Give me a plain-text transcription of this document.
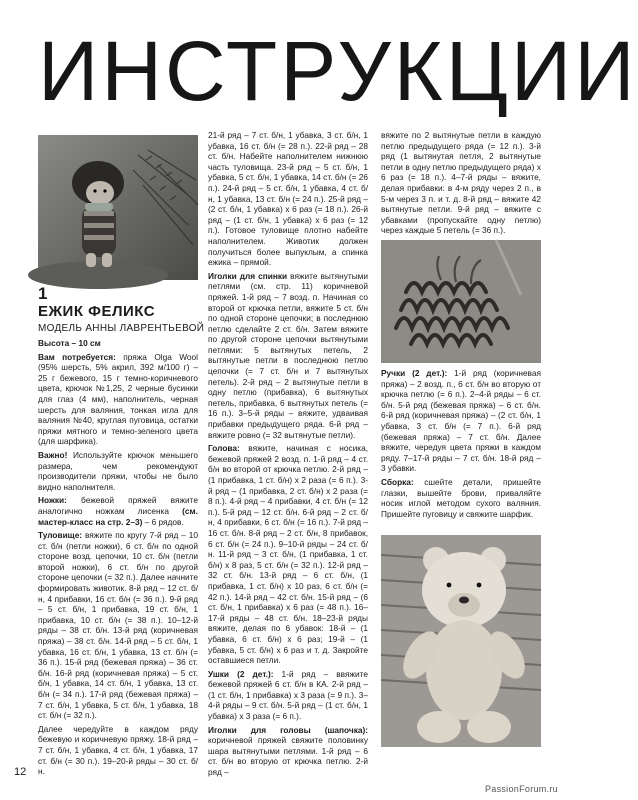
ИНСТРУКЦИИ
1
ЕЖИК ФЕЛИКС
МОДЕЛЬ АННЫ ЛАВРЕНТЬЕВОЙ

Высота – 10 см

Вам потребуется: пряжа Olga Wool (95% шерсть, 5% акрил, 392 м/100 г) – 25 г бежевого, 15 г темно-коричневого цвета, крючок №1,25, 2 черные бусинки для глаз (4 мм), наполнитель, черная шерсть для валяния, тонкая игла для валяния №40, круглая пуговица, остатки пряжи мятного и темно-зеленого цвета (для шарфика).

Важно! Используйте крючок меньшего размера, чем рекомендуют производители пряжи, чтобы не было видно наполнителя.

Ножки: бежевой пряжей вяжите аналогично ножкам лисенка (см. мастер-класс на стр. 2–3) – 6 рядов.

Туловище: вяжите по кругу 7-й ряд – 10 ст. б/н (петли ножки), 6 ст. б/н по одной стороне возд. цепочки, 10 ст. б/н (петли второй ножки), 6 ст. б/н по другой стороне цепочки (= 32 п.). Далее начните формировать животик. 8-й ряд – 12 ст. б/н, 4 прибавки, 16 ст. б/н (= 36 п.). 9-й ряд – 5 ст. б/н, 1 прибавка, 19 ст. б/н, 1 прибавка, 10 ст. б/н (= 38 п.). 10–12-й ряды – 38 ст. б/н. 13-й ряд (коричневая пряжа) – 38 ст. б/н. 14-й ряд – 5 ст. б/н, 1 убавка, 16 ст. б/н, 1 убавка, 13 ст. б/н (= 36 п.). 15-й ряд (бежевая пряжа) – 36 ст. б/н. 16-й ряд (коричневая пряжа) – 5 ст. б/н, 1 убавка, 14 ст. б/н, 1 убавка, 13 ст. б/н (= 34 п.). 17-й ряд (бежевая пряжа) – 7 ст. б/н, 1 убавка, 5 ст. б/н, 1 убавка, 18 ст. б/н (= 32 п.).

Далее чередуйте в каждом ряду бежевую и коричневую пряжу. 18-й ряд – 7 ст. б/н, 1 убавка, 4 ст. б/н, 1 убавка, 17 ст. б/н (= 30 п.). 19–20-й ряды – 30 ст. б/н.

21-й ряд – 7 ст. б/н, 1 убавка, 3 ст. б/н, 1 убавка, 16 ст. б/н (= 28 п.). 22-й ряд – 28 ст. б/н. Набейте наполнителем нижнюю часть туловища. 23-й ряд – 5 ст. б/н, 1 убавка, 5 ст. б/н, 1 убавка, 14 ст. б/н (= 26 п.). 24-й ряд – 5 ст. б/н, 1 убавка, 4 ст. б/н, 1 убавка, 13 ст. б/н (= 24 п.). 25-й ряд – (2 ст. б/н, 1 убавка) х 6 раз (= 18 п.). 26-й ряд – (1 ст. б/н, 1 убавка) х 6 раз (= 12 п.). Готовое туловище плотно набейте наполнителем. Животик должен получиться более выпуклым, а спинка ежика – прямой.

Иголки для спинки вяжите вытянутыми петлями (см. стр. 11) коричневой пряжей. 1-й ряд – 7 возд. п. Начиная со второй от крючка петли, вяжите 5 ст. б/н по одной стороне цепочки; в последнюю петлю сделайте 2 ст. б/н. Затем вяжите по другой стороне цепочки вытянутыми петлями: 5 вытянутых петель, 2 вытянутые петли в последнюю петлю цепочки (= 7 ст. б/н и 7 вытянутых петель). 2-й ряд – 2 вытянутые петли в одну петлю (прибавка), 6 вытянутых петель, прибавка, 6 вытянутых петель (= 16 п.). 3–5-й ряды – вяжите, удваивая прибавки предыдущего ряда. 6-й ряд – вяжите ровно (= 32 вытянутые петли).

Голова: вяжите, начиная с носика, бежевой пряжей 2 возд. п. 1-й ряд – 4 ст. б/н во второй от крючка петлю. 2-й ряд – (1 прибавка, 1 ст. б/н) х 2 раза (= 6 п.). 3-й ряд – (1 прибавка, 2 ст. б/н) х 2 раза (= 8 п.). 4-й ряд – 4 прибавки, 4 ст. б/н (= 12 п.). 5-й ряд – 12 ст. б/н. 6-й ряд – 2 ст. б/н, 4 прибавки, 6 ст. б/н (= 16 п.). 7-й ряд – 16 ст. б/н. 8-й ряд – 2 ст. б/н, 8 прибавок, 6 ст. б/н (= 24 п.). 9–10-й ряды – 24 ст. б/н. 11-й ряд – 3 ст. б/н, (1 прибавка, 1 ст. б/н) х 8 раз, 5 ст. б/н (= 32 п.). 12-й ряд – 32 ст. б/н. 13-й ряд – 6 ст. б/н, (1 прибавка, 1 ст. б/н) х 10 раз, 6 ст. б/н (= 42 п.). 14-й ряд – 42 ст. б/н. 15-й ряд – (6 ст. б/н, 1 прибавка) х 6 раз (= 48 п.). 16–17-й ряды – 48 ст. б/н. 18–23-й ряды вяжите, делая по 6 убавок: 18-й – (1 убавка, 6 ст. б/н) х 6 раз; 19-й – (1 убавка, 5 ст. б/н) х 6 раз и т. д. Закройте оставшиеся петли.

Ушки (2 дет.): 1-й ряд – ввяжите бежевой пряжей 6 ст. б/н в КА. 2-й ряд – (1 ст. б/н, 1 прибавка) х 3 раза (= 9 п.). 3–4-й ряды – 9 ст. б/н. 5-й ряд – (1 ст. б/н, 1 убавка) х 3 раза (= 6 п.).

Иголки для головы (шапочка): коричневой пряжей свяжите половинку шара вытянутыми петлями. 1-й ряд – 6 ст. б/н во вторую от крючка петлю. 2-й ряд –

вяжите по 2 вытянутые петли в каждую петлю предыдущего ряда (= 12 п.). 3-й ряд (1 вытянутая петля, 2 вытянутые петли в одну петлю предыдущего ряда) х 6 раз (= 18 п.). 4–7-й ряды – вяжите, делая прибавки: в 4-м ряду через 2 п., в 5-м через 3 п. и т. д. 8-й ряд – вяжите 42 вытянутые петли. 9-й ряд – вяжите с убавками (пропускайте одну петлю) через каждые 5 петель (= 36 п.).

Ручки (2 дет.): 1-й ряд (коричневая пряжа) – 2 возд. п., 6 ст. б/н во вторую от крючка петлю (= 6 п.). 2–4-й ряды – 6 ст. б/н. 5-й ряд (бежевая пряжа) – 6 ст. б/н. 6-й ряд (коричневая пряжа) – (2 ст. б/н, 1 убавка, 3 ст. б/н (= 7 п.). 6-й ряд (бежевая пряжа) – 7 ст. б/н. Далее вяжите, чередуя цвета пряжи в каждом ряду. 7–17-й ряды – 7 ст. б/н. 18-й ряд – 3 убавки.

Сборка: сшейте детали, пришейте глазки, вышейте брови, приваляйте носик иглой методом сухого валяния. Пришейте пуговицу и свяжите шарфик.

12
PassionForum.ru
